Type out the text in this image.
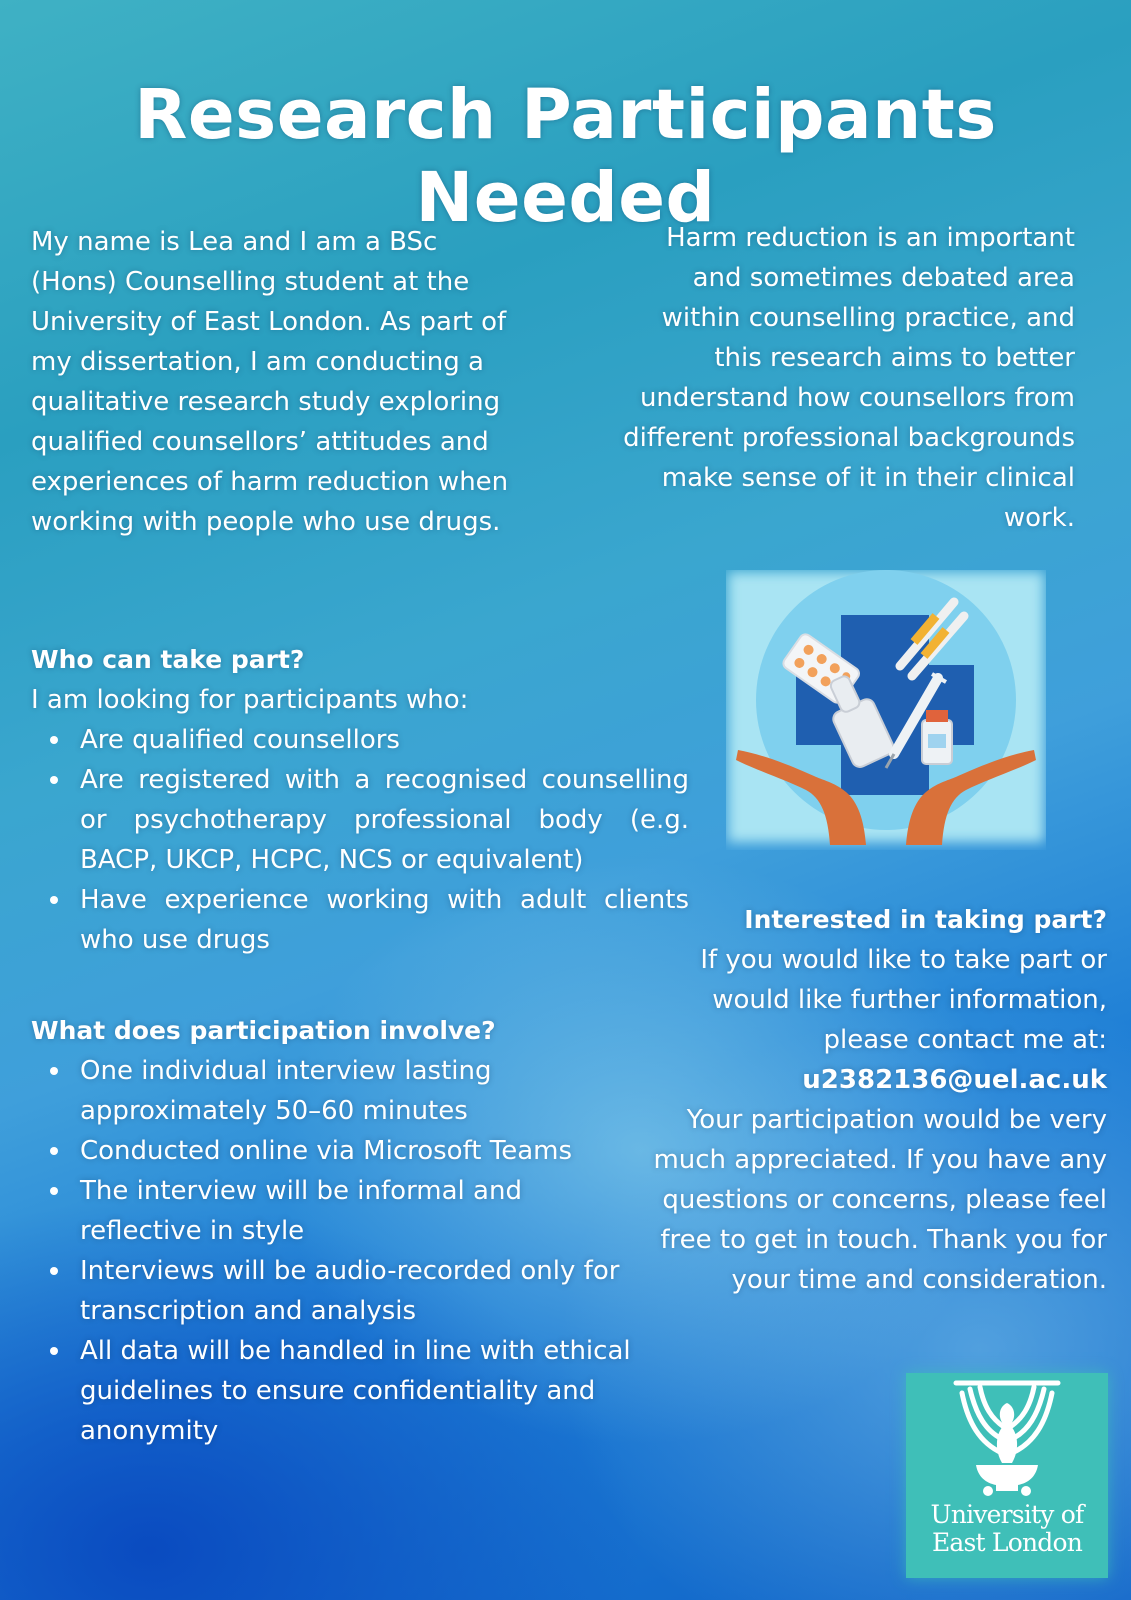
Research Participants Needed

My name is Lea and I am a BSc (Hons) Counselling student at the University of East London. As part of my dissertation, I am conducting a qualitative research study exploring qualified counsellors’ attitudes and experiences of harm reduction when working with people who use drugs.

Harm reduction is an important and sometimes debated area within counselling practice, and this research aims to better understand how counsellors from different professional backgrounds make sense of it in their clinical work.

Who can take part?
I am looking for participants who:
Are qualified counsellors
Are registered with a recognised counselling or psychotherapy professional body (e.g. BACP, UKCP, HCPC, NCS or equivalent)
Have experience working with adult clients who use drugs
What does participation involve?
One individual interview lasting approximately 50–60 minutes
Conducted online via Microsoft Teams
The interview will be informal and reflective in style
Interviews will be audio-recorded only for transcription and analysis
All data will be handled in line with ethical guidelines to ensure confidentiality and anonymity
Interested in taking part?
If you would like to take part or would like further information, please contact me at:
u2382136@uel.ac.uk
Your participation would be very much appreciated. If you have any questions or concerns, please feel free to get in touch. Thank you for your time and consideration.
University of
East London
